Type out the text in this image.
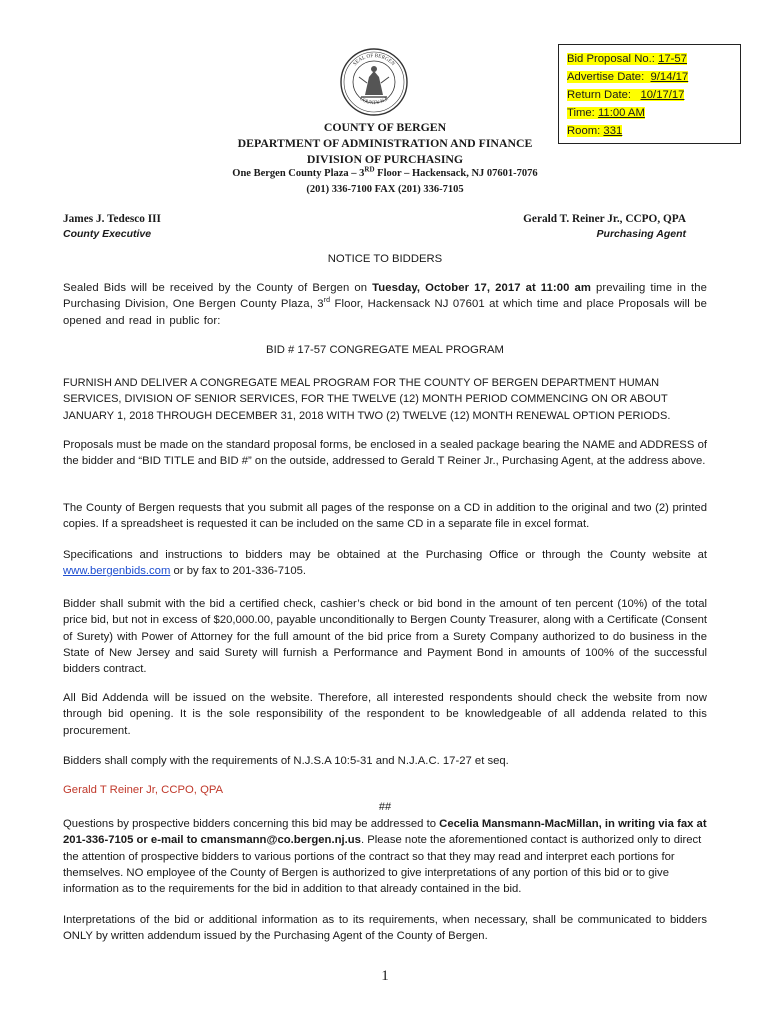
SEAL OF BERGEN
COUNTY N.J.
Bid Proposal No.: 17-57
Advertise Date: 9/14/17
Return Date: 10/17/17
Time: 11:00 AM
Room: 331
COUNTY OF BERGEN
DEPARTMENT OF ADMINISTRATION AND FINANCE
DIVISION OF PURCHASING
One Bergen County Plaza – 3RD Floor – Hackensack, NJ 07601-7076
(201) 336-7100 FAX (201) 336-7105
James J. Tedesco III
County Executive
Gerald T. Reiner Jr., CCPO, QPA
Purchasing Agent
NOTICE TO BIDDERS
Sealed Bids will be received by the County of Bergen on Tuesday, October 17, 2017 at 11:00 am prevailing time in the Purchasing Division, One Bergen County Plaza, 3rd Floor, Hackensack NJ 07601 at which time and place Proposals will be opened and read in public for:
BID # 17-57 CONGREGATE MEAL PROGRAM
FURNISH AND DELIVER A CONGREGATE MEAL PROGRAM FOR THE COUNTY OF BERGEN DEPARTMENT HUMAN SERVICES, DIVISION OF SENIOR SERVICES, FOR THE TWELVE (12) MONTH PERIOD COMMENCING ON OR ABOUT JANUARY 1, 2018 THROUGH DECEMBER 31, 2018 WITH TWO (2) TWELVE (12) MONTH RENEWAL OPTION PERIODS.
Proposals must be made on the standard proposal forms, be enclosed in a sealed package bearing the NAME and ADDRESS of the bidder and “BID TITLE and BID #” on the outside, addressed to Gerald T Reiner Jr., Purchasing Agent, at the address above.
The County of Bergen requests that you submit all pages of the response on a CD in addition to the original and two (2) printed copies. If a spreadsheet is requested it can be included on the same CD in a separate file in excel format.
Specifications and instructions to bidders may be obtained at the Purchasing Office or through the County website at www.bergenbids.com or by fax to 201-336-7105.
Bidder shall submit with the bid a certified check, cashier’s check or bid bond in the amount of ten percent (10%) of the total price bid, but not in excess of $20,000.00, payable unconditionally to Bergen County Treasurer, along with a Certificate (Consent of Surety) with Power of Attorney for the full amount of the bid price from a Surety Company authorized to do business in the State of New Jersey and said Surety will furnish a Performance and Payment Bond in amounts of 100% of the successful bidders contract.
All Bid Addenda will be issued on the website. Therefore, all interested respondents should check the website from now through bid opening. It is the sole responsibility of the respondent to be knowledgeable of all addenda related to this procurement.
Bidders shall comply with the requirements of N.J.S.A 10:5-31 and N.J.A.C. 17-27 et seq.
Gerald T Reiner Jr, CCPO, QPA
##
Questions by prospective bidders concerning this bid may be addressed to Cecelia Mansmann-MacMillan, in writing via fax at 201-336-7105 or e-mail to cmansmann@co.bergen.nj.us. Please note the aforementioned contact is authorized only to direct the attention of prospective bidders to various portions of the contract so that they may read and interpret each portions for themselves. NO employee of the County of Bergen is authorized to give interpretations of any portion of this bid or to give information as to the requirements for the bid in addition to that already contained in the bid.
Interpretations of the bid or additional information as to its requirements, when necessary, shall be communicated to bidders ONLY by written addendum issued by the Purchasing Agent of the County of Bergen.
1
